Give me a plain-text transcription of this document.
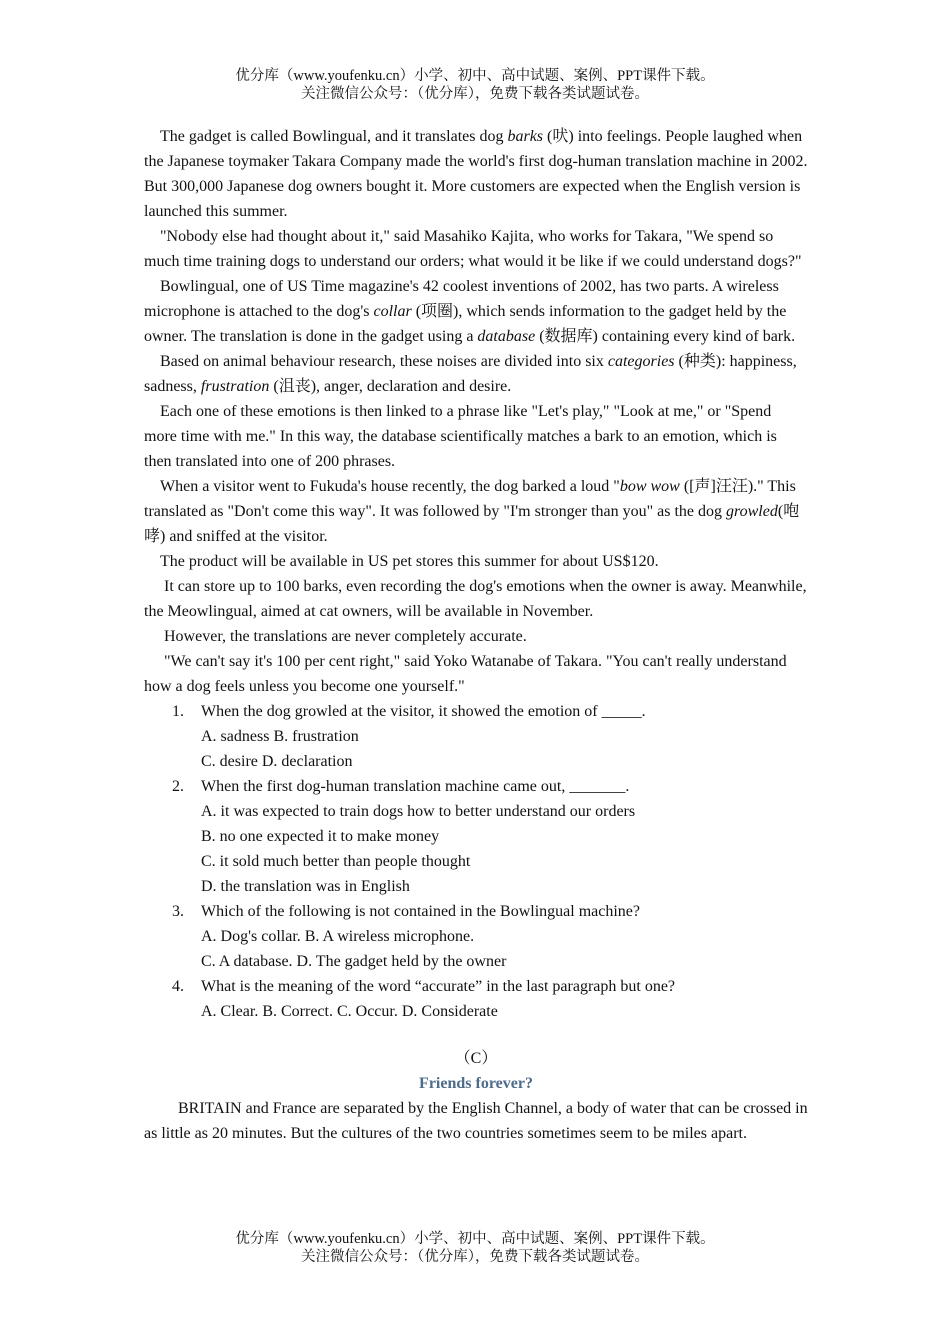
优分库（www.youfenku.cn）小学、初中、高中试题、案例、PPT课件下载。
关注微信公众号：（优分库），免费下载各类试题试卷。

The gadget is called Bowlingual, and it translates dog barks (吠) into feelings. People laughed when the Japanese toymaker Takara Company made the world's first dog-human translation machine in 2002. But 300,000 Japanese dog owners bought it. More customers are expected when the English version is launched this summer.

"Nobody else had thought about it," said Masahiko Kajita, who works for Takara, "We spend so much time training dogs to understand our orders; what would it be like if we could understand dogs?"

Bowlingual, one of US Time magazine's 42 coolest inventions of 2002, has two parts. A wireless microphone is attached to the dog's collar (项圈), which sends information to the gadget held by the owner. The translation is done in the gadget using a database (数据库) containing every kind of bark.

Based on animal behaviour research, these noises are divided into six categories (种类): happiness, sadness, frustration (沮丧), anger, declaration and desire.

Each one of these emotions is then linked to a phrase like "Let's play," "Look at me," or "Spend more time with me." In this way, the database scientifically matches a bark to an emotion, which is then translated into one of 200 phrases.

When a visitor went to Fukuda's house recently, the dog barked a loud "bow wow ([声]汪汪)." This translated as "Don't come this way". It was followed by "I'm stronger than you" as the dog growled(咆哮) and sniffed at the visitor.

The product will be available in US pet stores this summer for about US$120.

It can store up to 100 barks, even recording the dog's emotions when the owner is away. Meanwhile, the Meowlingual, aimed at cat owners, will be available in November.

However, the translations are never completely accurate.

"We can't say it's 100 per cent right," said Yoko Watanabe of Takara. "You can't really understand how a dog feels unless you become one yourself."

1. When the dog growled at the visitor, it showed the emotion of _____.

A. sadness B. frustration

C. desire D. declaration

2. When the first dog-human translation machine came out, _______.

A. it was expected to train dogs how to better understand our orders

B. no one expected it to make money

C. it sold much better than people thought

D. the translation was in English

3. Which of the following is not contained in the Bowlingual machine?

A. Dog's collar. B. A wireless microphone.

C. A database. D. The gadget held by the owner

4. What is the meaning of the word “accurate” in the last paragraph but one?

A. Clear. B. Correct. C. Occur. D. Considerate

（C）

Friends forever?

BRITAIN and France are separated by the English Channel, a body of water that can be crossed in as little as 20 minutes. But the cultures of the two countries sometimes seem to be miles apart.

优分库（www.youfenku.cn）小学、初中、高中试题、案例、PPT课件下载。
关注微信公众号：（优分库），免费下载各类试题试卷。
